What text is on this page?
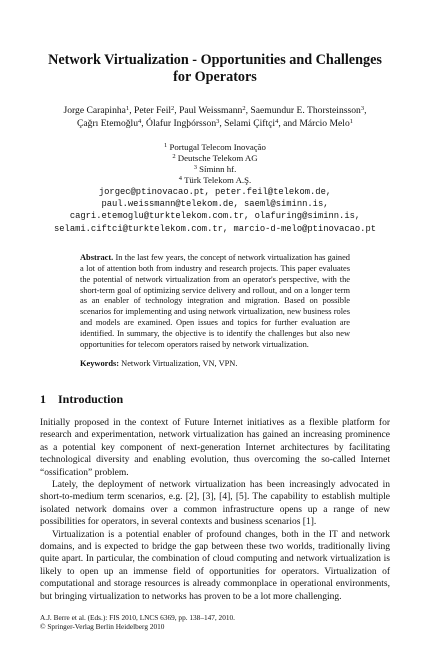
Network Virtualization - Opportunities and Challenges for Operators
Jorge Carapinha$^1$, Peter Feil$^2$, Paul Weissmann$^2$, Saemundur E. Thorsteinsson$^3$,
Çağrı Etemoğlu$^4$, Ólafur Ingþórsson$^3$, Selami Çiftçi$^4$, and Márcio Melo$^1$
$^1$ Portugal Telecom Inovação
$^2$ Deutsche Telekom AG
$^3$ Síminn hf.
$^4$ Türk Telekom A.Ş.
jorgec@ptinovacao.pt, peter.feil@telekom.de,
paul.weissmann@telekom.de, saeml@siminn.is,
cagri.etemoglu@turktelekom.com.tr, olafuring@siminn.is,
selami.ciftci@turktelekom.com.tr, marcio-d-melo@ptinovacao.pt

Abstract. In the last few years, the concept of network virtualization has gained a lot of attention both from industry and research projects. This paper evaluates the potential of network virtualization from an operator's perspective, with the short-term goal of optimizing service delivery and rollout, and on a longer term as an enabler of technology integration and migration. Based on possible scenarios for implementing and using network virtualization, new business roles and models are examined. Open issues and topics for further evaluation are identified. In summary, the objective is to identify the challenges but also new opportunities for telecom operators raised by network virtualization.

Keywords: Network Virtualization, VN, VPN.

1 Introduction

Initially proposed in the context of Future Internet initiatives as a flexible platform for research and experimentation, network virtualization has gained an increasing prominence as a potential key component of next-generation Internet architectures by facilitating technological diversity and enabling evolution, thus overcoming the so-called Internet “ossification” problem.

Lately, the deployment of network virtualization has been increasingly advocated in short-to-medium term scenarios, e.g. [2], [3], [4], [5]. The capability to establish multiple isolated network domains over a common infrastructure opens up a range of new possibilities for operators, in several contexts and business scenarios [1].

Virtualization is a potential enabler of profound changes, both in the IT and network domains, and is expected to bridge the gap between these two worlds, traditionally living quite apart. In particular, the combination of cloud computing and network virtualization is likely to open up an immense field of opportunities for operators. Virtualization of computational and storage resources is already commonplace in operational environments, but bringing virtualization to networks has proven to be a lot more challenging.

A.J. Berre et al. (Eds.): FIS 2010, LNCS 6369, pp. 138–147, 2010.
© Springer-Verlag Berlin Heidelberg 2010
